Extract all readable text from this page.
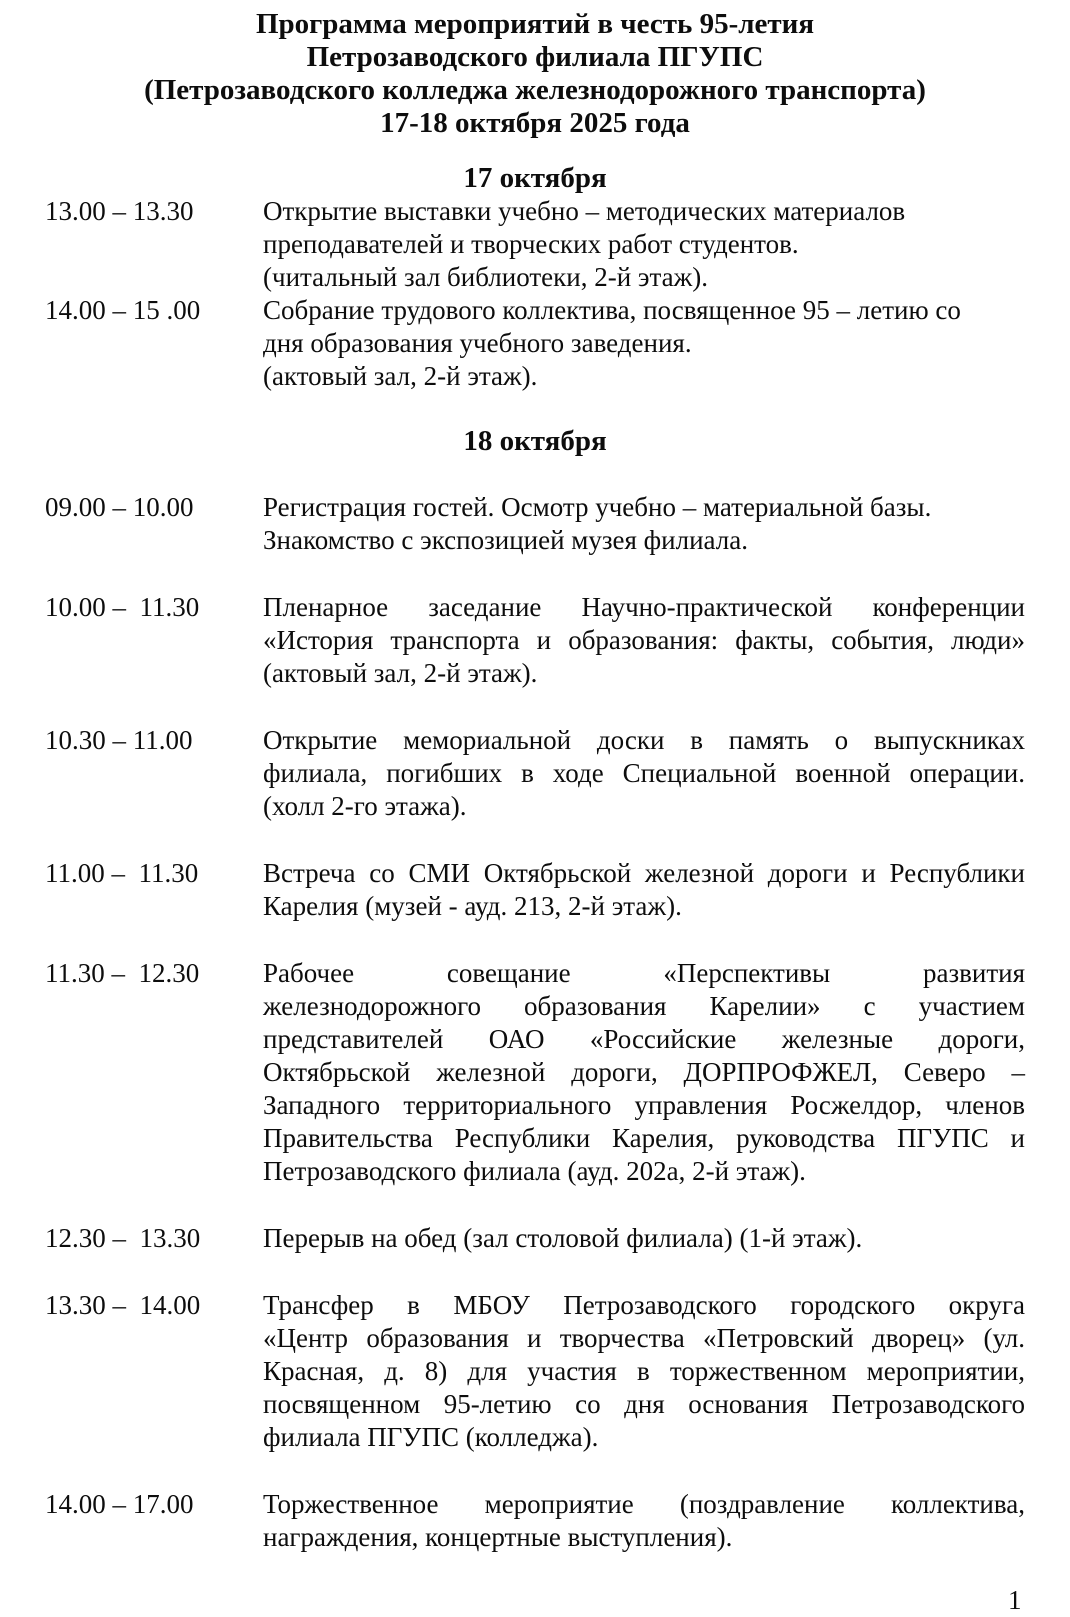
Программа мероприятий в честь 95-летия
Петрозаводского филиала ПГУПС
(Петрозаводского колледжа железнодорожного транспорта)
17-18 октября 2025 года
17 октября
13.00 – 13.30	Открытие выставки учебно – методических материалов
преподавателей и творческих работ студентов.
(читальный зал библиотеки, 2-й этаж).
14.00 – 15 .00	Собрание трудового коллектива, посвященное 95 – летию со
дня образования учебного заведения.
(актовый зал, 2-й этаж).
18 октября
09.00 – 10.00	Регистрация гостей. Осмотр учебно – материальной базы.
Знакомство с экспозицией музея филиала.
10.00 –  11.30	Пленарное заседание Научно-практической конференции
«История транспорта и образования: факты, события, люди»
(актовый зал, 2-й этаж).
10.30 – 11.00	Открытие мемориальной доски в память о выпускниках
филиала, погибших в ходе Специальной военной операции.
(холл 2-го этажа).
11.00 –  11.30	Встреча со СМИ Октябрьской железной дороги и Республики
Карелия (музей - ауд. 213, 2-й этаж).
11.30 –  12.30	Рабочее совещание «Перспективы развития
железнодорожного образования Карелии» с участием
представителей ОАО «Российские железные дороги,
Октябрьской железной дороги, ДОРПРОФЖЕЛ, Северо –
Западного территориального управления Росжелдор, членов
Правительства Республики Карелия, руководства ПГУПС и
Петрозаводского филиала (ауд. 202а, 2-й этаж).
12.30 –  13.30	Перерыв на обед (зал столовой филиала) (1-й этаж).
13.30 –  14.00	Трансфер в МБОУ Петрозаводского городского округа
«Центр образования и творчества «Петровский дворец» (ул.
Красная, д. 8) для участия в торжественном мероприятии,
посвященном 95-летию со дня основания Петрозаводского
филиала ПГУПС (колледжа).
14.00 – 17.00	Торжественное мероприятие (поздравление коллектива,
награждения, концертные выступления).
1
